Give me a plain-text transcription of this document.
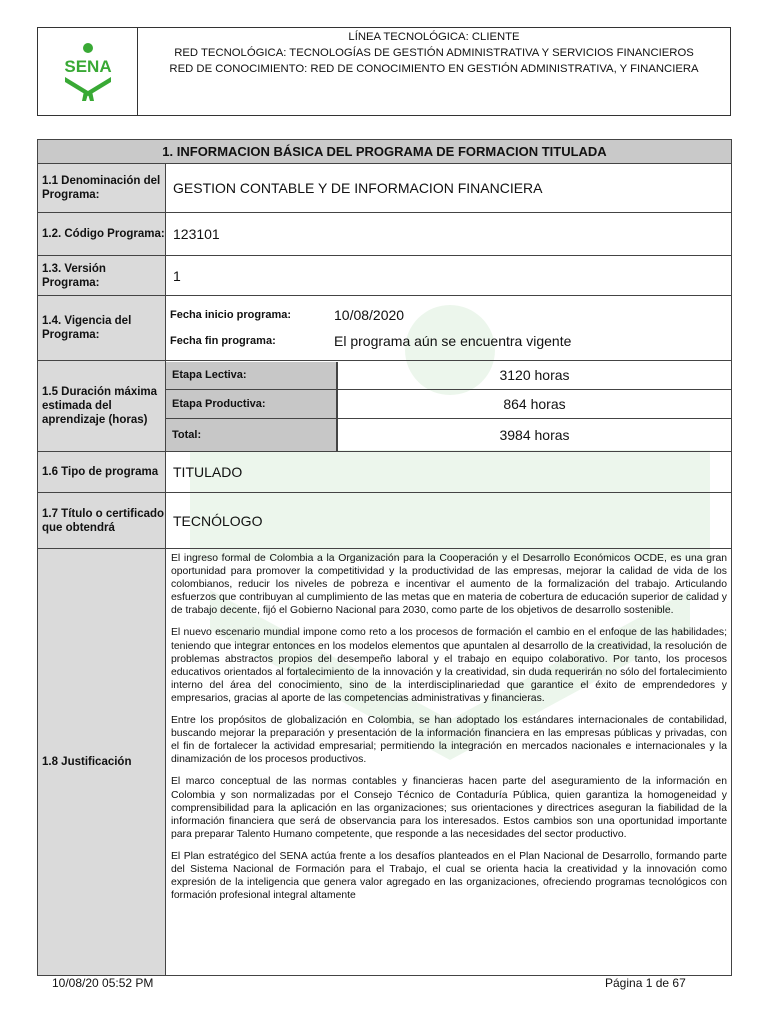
SENA
LÍNEA TECNOLÓGICA: CLIENTE
RED TECNOLÓGICA: TECNOLOGÍAS DE GESTIÓN ADMINISTRATIVA Y SERVICIOS FINANCIEROS
RED DE CONOCIMIENTO: RED DE CONOCIMIENTO EN GESTIÓN ADMINISTRATIVA, Y FINANCIERA
1. INFORMACION BÁSICA DEL PROGRAMA DE FORMACION TITULADA
1.1 Denominación del Programa:	GESTION CONTABLE Y DE INFORMACION FINANCIERA
1.2. Código Programa:	123101
1.3. Versión Programa:	1
1.4. Vigencia del Programa:	
Fecha inicio programa:	10/08/2020
Fecha fin programa:	El programa aún se encuentra vigente

1.5 Duración máxima estimada del aprendizaje (horas)	
Etapa Lectiva:	3120 horas
Etapa Productiva:	864 horas
Total:	3984 horas

1.6 Tipo de programa	TITULADO
1.7 Título o certificado que obtendrá	TECNÓLOGO
1.8 Justificación	

El ingreso formal de Colombia a la Organización para la Cooperación y el Desarrollo Económicos OCDE, es una gran oportunidad para promover la competitividad y la productividad de las empresas, mejorar la calidad de vida de los colombianos, reducir los niveles de pobreza e incentivar el aumento de la formalización del trabajo. Articulando esfuerzos que contribuyan al cumplimiento de las metas que en materia de cobertura de educación superior de calidad y de trabajo decente, fijó el Gobierno Nacional para 2030, como parte de los objetivos de desarrollo sostenible.

El nuevo escenario mundial impone como reto a los procesos de formación el cambio en el enfoque de las habilidades; teniendo que integrar entonces en los modelos elementos que apuntalen al desarrollo de la creatividad, la resolución de problemas abstractos propios del desempeño laboral y el trabajo en equipo colaborativo. Por tanto, los procesos educativos orientados al fortalecimiento de la innovación y la creatividad, sin duda requerirán no sólo del fortalecimiento interno del área del conocimiento, sino de la interdisciplinariedad que garantice el éxito de emprendedores y empresarios, gracias al aporte de las competencias administrativas y financieras.

Entre los propósitos de globalización en Colombia, se han adoptado los estándares internacionales de contabilidad, buscando mejorar la preparación y presentación de la información financiera en las empresas públicas y privadas, con el fin de fortalecer la actividad empresarial; permitiendo la integración en mercados nacionales e internacionales y la dinamización de los procesos productivos.

El marco conceptual de las normas contables y financieras hacen parte del aseguramiento de la información en Colombia y son normalizadas por el Consejo Técnico de Contaduría Pública, quien garantiza la homogeneidad y comprensibilidad para la aplicación en las organizaciones; sus orientaciones y directrices aseguran la fiabilidad de la información financiera que será de observancia para los interesados. Estos cambios son una oportunidad importante para preparar Talento Humano competente, que responde a las necesidades del sector productivo.

El Plan estratégico del SENA actúa frente a los desafíos planteados en el Plan Nacional de Desarrollo, formando parte del Sistema Nacional de Formación para el Trabajo, el cual se orienta hacia la creatividad y la innovación como expresión de la inteligencia que genera valor agregado en las organizaciones, ofreciendo programas tecnológicos con formación profesional integral altamente

10/08/20 05:52 PM	Página 1 de 67
